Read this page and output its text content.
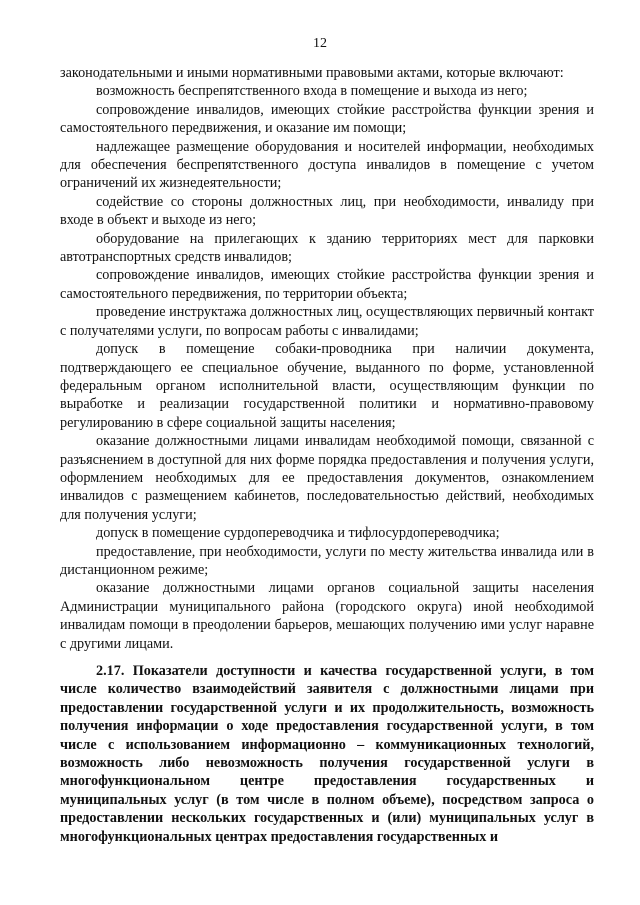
12

законодательными и иными нормативными правовыми актами, которые включают:

возможность беспрепятственного входа в помещение и выхода из него;

сопровождение инвалидов, имеющих стойкие расстройства функции зрения и самостоятельного передвижения, и оказание им помощи;

надлежащее размещение оборудования и носителей информации, необходимых для обеспечения беспрепятственного доступа инвалидов в помещение с учетом ограничений их жизнедеятельности;

содействие со стороны должностных лиц, при необходимости, инвалиду при входе в объект и выходе из него;

оборудование на прилегающих к зданию территориях мест для парковки автотранспортных средств инвалидов;

сопровождение инвалидов, имеющих стойкие расстройства функции зрения и самостоятельного передвижения, по территории объекта;

проведение инструктажа должностных лиц, осуществляющих первичный контакт с получателями услуги, по вопросам работы с инвалидами;

допуск в помещение собаки-проводника при наличии документа, подтверждающего ее специальное обучение, выданного по форме, установленной федеральным органом исполнительной власти, осуществляющим функции по выработке и реализации государственной политики и нормативно-правовому регулированию в сфере социальной защиты населения;

оказание должностными лицами инвалидам необходимой помощи, связанной с разъяснением в доступной для них форме порядка предоставления и получения услуги, оформлением необходимых для ее предоставления документов, ознакомлением инвалидов с размещением кабинетов, последовательностью действий, необходимых для получения услуги;

допуск в помещение сурдопереводчика и тифлосурдопереводчика;

предоставление, при необходимости, услуги по месту жительства инвалида или в дистанционном режиме;

оказание должностными лицами органов социальной защиты населения Администрации муниципального района (городского округа) иной необходимой инвалидам помощи в преодолении барьеров, мешающих получению ими услуг наравне с другими лицами.

2.17. Показатели доступности и качества государственной услуги, в том числе количество взаимодействий заявителя с должностными лицами при предоставлении государственной услуги и их продолжительность, возможность получения информации о ходе предоставления государственной услуги, в том числе с использованием информационно – коммуникационных технологий, возможность либо невозможность получения государственной услуги в многофункциональном центре предоставления государственных и муниципальных услуг (в том числе в полном объеме), посредством запроса о предоставлении нескольких государственных и (или) муниципальных услуг в многофункциональных центрах предоставления государственных и
